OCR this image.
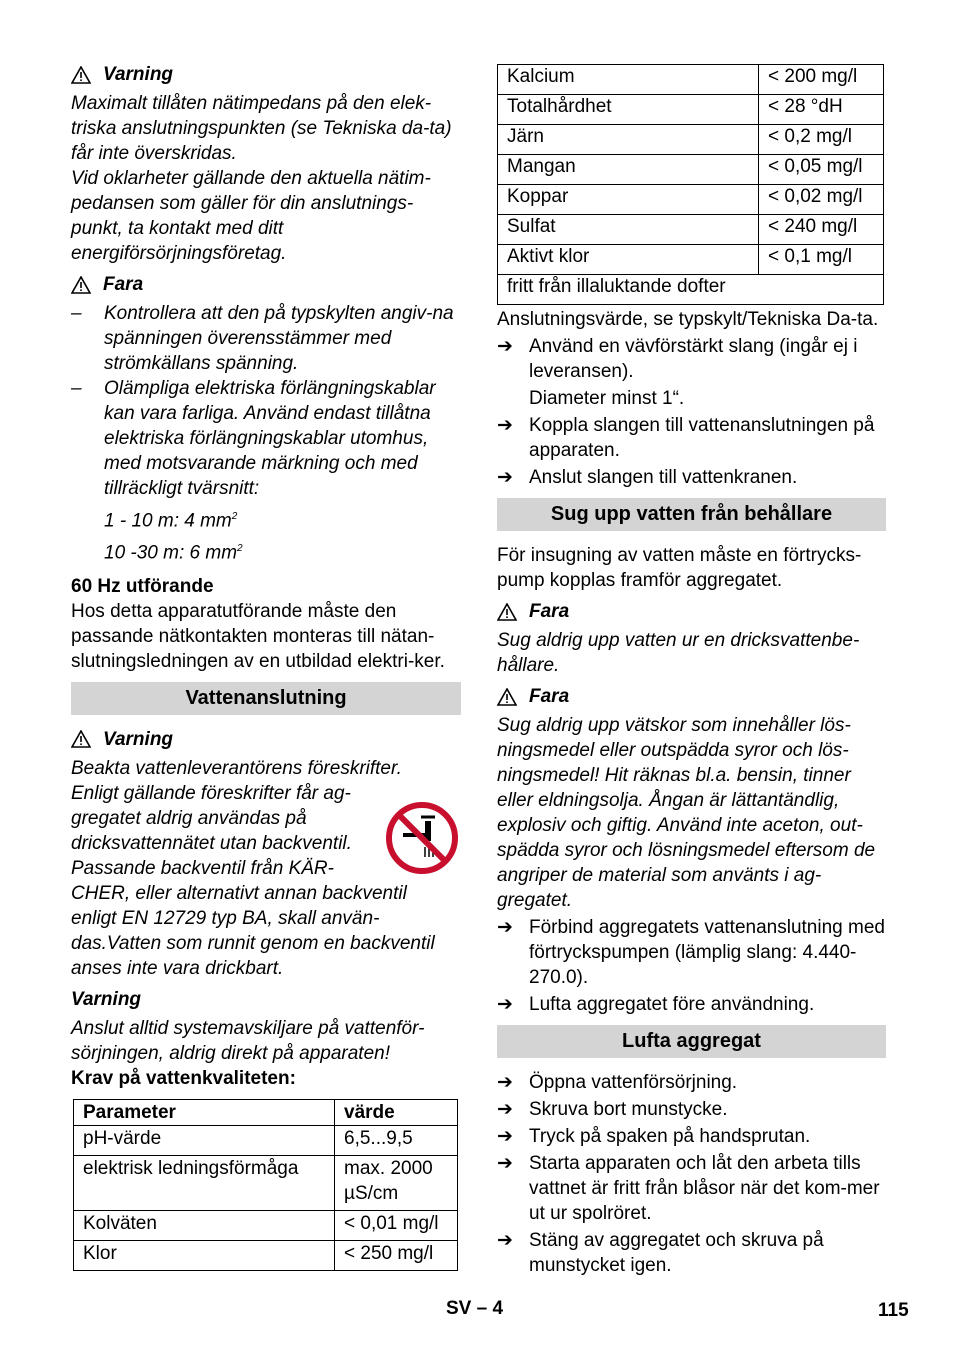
Varning

Maximalt tillåten nätimpedans på den elek-triska anslutningspunkten (se Tekniska da-ta) får inte överskridas.

Vid oklarheter gällande den aktuella nätim-pedansen som gäller för din anslutnings-punkt, ta kontakt med ditt energiförsörjningsföretag.

Fara
–	Kontrollera att den på typskylten angiv-na spänningen överensstämmer med strömkällans spänning.
–	Olämpliga elektriska förlängningskablar kan vara farliga. Använd endast tillåtna elektriska förlängningskablar utomhus, med motsvarande märkning och med tillräckligt tvärsnitt:

1 - 10 m: 4 $mm^2$

10 -30 m: 6 $mm^2$

60 Hz utförande

Hos detta apparatutförande måste den passande nätkontakten monteras till nätan-slutningsledningen av en utbildad elektri-ker.

Vattenanslutning
Varning

Beakta vattenleverantörens föreskrifter.

Enligt gällande föreskrifter får ag-gregatet aldrig användas på dricksvattennätet utan backventil. Passande backventil från KÄR-CHER, eller alternativt annan backventil enligt EN 12729 typ BA, skall använ-das.Vatten som runnit genom en backventil anses inte vara drickbart.

Varning

Anslut alltid systemavskiljare på vattenför-sörjningen, aldrig direkt på apparaten!

Krav på vattenkvaliteten:

Parameter	värde
pH-värde	6,5...9,5
elektrisk ledningsförmåga	max. 2000 µS/cm
Kolväten	< 0,01 mg/l
Klor	< 250 mg/l
Kalcium	< 200 mg/l
Totalhårdhet	< 28 °dH
Järn	< 0,2 mg/l
Mangan	< 0,05 mg/l
Koppar	< 0,02 mg/l
Sulfat	< 240 mg/l
Aktivt klor	< 0,1 mg/l
fritt från illaluktande dofter	

Anslutningsvärde, se typskylt/Tekniska Da-ta.

➔ Använd en vävförstärkt slang (ingår ej i leveransen).

Diameter minst 1“.

➔ Koppla slangen till vattenanslutningen på apparaten.
➔ Anslut slangen till vattenkranen.
Sug upp vatten från behållare

För insugning av vatten måste en förtrycks-pump kopplas framför aggregatet.

Fara

Sug aldrig upp vatten ur en dricksvattenbe-hållare.

Fara

Sug aldrig upp vätskor som innehåller lös-ningsmedel eller outspädda syror och lös-ningsmedel! Hit räknas bl.a. bensin, tinner eller eldningsolja. Ångan är lättantändlig, explosiv och giftig. Använd inte aceton, out-spädda syror och lösningsmedel eftersom de angriper de material som använts i ag-gregatet.

➔ Förbind aggregatets vattenanslutning med förtryckspumpen (lämplig slang: 4.440-270.0).
➔ Lufta aggregatet före användning.
Lufta aggregat
➔ Öppna vattenförsörjning.
➔ Skruva bort munstycke.
➔ Tryck på spaken på handsprutan.
➔ Starta apparaten och låt den arbeta tills vattnet är fritt från blåsor när det kom-mer ut ur spolröret.
➔ Stäng av aggregatet och skruva på munstycket igen.
SV – 4	115
